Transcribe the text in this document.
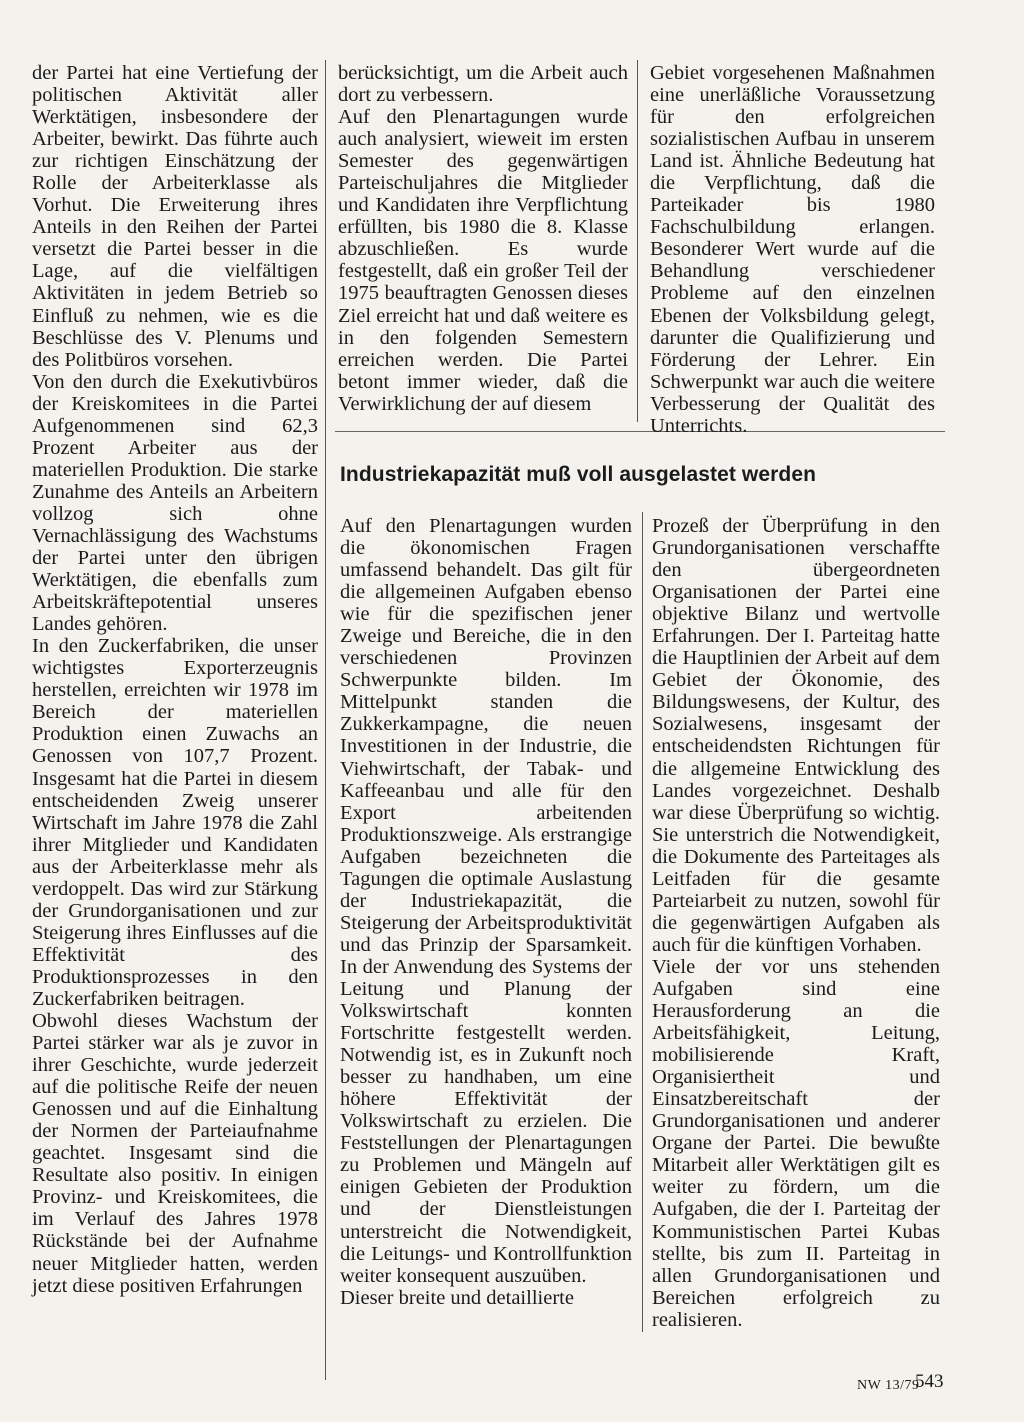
der Partei hat eine Vertiefung der politischen Aktivität aller Werktätigen, insbesondere der Arbeiter, bewirkt. Das führte auch zur richtigen Einschätzung der Rolle der Arbeiterklasse als Vorhut. Die Erweiterung ihres Anteils in den Reihen der Partei versetzt die Partei besser in die Lage, auf die vielfältigen Aktivitäten in jedem Betrieb so Einfluß zu nehmen, wie es die Beschlüsse des V. Plenums und des Politbüros vorsehen.

Von den durch die Exekutivbüros der Kreiskomitees in die Partei Aufgenommenen sind 62,3 Prozent Arbeiter aus der materiellen Produktion. Die starke Zunahme des Anteils an Arbeitern vollzog sich ohne Vernachlässigung des Wachstums der Partei unter den übrigen Werktätigen, die ebenfalls zum Arbeitskräftepotential unseres Landes gehören.

In den Zuckerfabriken, die unser wichtigstes Exporterzeugnis herstellen, erreichten wir 1978 im Bereich der materiellen Produktion einen Zuwachs an Genossen von 107,7 Prozent. Insgesamt hat die Partei in diesem entscheidenden Zweig unserer Wirtschaft im Jahre 1978 die Zahl ihrer Mitglieder und Kandidaten aus der Arbeiterklasse mehr als verdoppelt. Das wird zur Stärkung der Grundorganisationen und zur Steigerung ihres Einflusses auf die Effektivität des Produktionsprozesses in den Zuckerfabriken beitragen.

Obwohl dieses Wachstum der Partei stärker war als je zuvor in ihrer Geschichte, wurde jederzeit auf die politische Reife der neuen Genossen und auf die Einhaltung der Normen der Parteiaufnahme geachtet. Insgesamt sind die Resultate also positiv. In einigen Provinz- und Kreiskomitees, die im Verlauf des Jahres 1978 Rückstände bei der Aufnahme neuer Mitglieder hatten, werden jetzt diese positiven Erfahrungen

berücksichtigt, um die Arbeit auch dort zu verbessern.

Auf den Plenartagungen wurde auch analysiert, wieweit im ersten Semester des gegenwärtigen Parteischuljahres die Mitglieder und Kandidaten ihre Verpflichtung erfüllten, bis 1980 die 8. Klasse abzuschließen. Es wurde festgestellt, daß ein großer Teil der 1975 beauftragten Genossen dieses Ziel erreicht hat und daß weitere es in den folgenden Semestern erreichen werden. Die Partei betont immer wieder, daß die Verwirklichung der auf diesem

Gebiet vorgesehenen Maßnahmen eine unerläßliche Voraussetzung für den erfolgreichen sozialistischen Aufbau in unserem Land ist. Ähnliche Bedeutung hat die Verpflichtung, daß die Parteikader bis 1980 Fachschulbildung erlangen. Besonderer Wert wurde auf die Behandlung verschiedener Probleme auf den einzelnen Ebenen der Volksbildung gelegt, darunter die Qualifizierung und Förderung der Lehrer. Ein Schwerpunkt war auch die weitere Verbesserung der Qualität des Unterrichts.

Industriekapazität muß voll ausgelastet werden

Auf den Plenartagungen wurden die ökonomischen Fragen umfassend behandelt. Das gilt für die allgemeinen Aufgaben ebenso wie für die spezifischen jener Zweige und Bereiche, die in den verschiedenen Provinzen Schwerpunkte bilden. Im Mittelpunkt standen die Zukkerkampagne, die neuen Investitionen in der Industrie, die Viehwirtschaft, der Tabak- und Kaffeeanbau und alle für den Export arbeitenden Produktionszweige. Als erstrangige Aufgaben bezeichneten die Tagungen die optimale Auslastung der Industriekapazität, die Steigerung der Arbeitsproduktivität und das Prinzip der Sparsamkeit. In der Anwendung des Systems der Leitung und Planung der Volkswirtschaft konnten Fortschritte festgestellt werden. Notwendig ist, es in Zukunft noch besser zu handhaben, um eine höhere Effektivität der Volkswirtschaft zu erzielen. Die Feststellungen der Plenartagungen zu Problemen und Mängeln auf einigen Gebieten der Produktion und der Dienstleistungen unterstreicht die Notwendigkeit, die Leitungs- und Kontrollfunktion weiter konsequent auszuüben.

Dieser breite und detaillierte

Prozeß der Überprüfung in den Grundorganisationen verschaffte den übergeordneten Organisationen der Partei eine objektive Bilanz und wertvolle Erfahrungen. Der I. Parteitag hatte die Hauptlinien der Arbeit auf dem Gebiet der Ökonomie, des Bildungswesens, der Kultur, des Sozialwesens, insgesamt der entscheidendsten Richtungen für die allgemeine Entwicklung des Landes vorgezeichnet. Deshalb war diese Überprüfung so wichtig. Sie unterstrich die Notwendigkeit, die Dokumente des Parteitages als Leitfaden für die gesamte Parteiarbeit zu nutzen, sowohl für die gegenwärtigen Aufgaben als auch für die künftigen Vorhaben.

Viele der vor uns stehenden Aufgaben sind eine Herausforderung an die Arbeitsfähigkeit, Leitung, mobilisierende Kraft, Organisiertheit und Einsatzbereitschaft der Grundorganisationen und anderer Organe der Partei. Die bewußte Mitarbeit aller Werktätigen gilt es weiter zu fördern, um die Aufgaben, die der I. Parteitag der Kommunistischen Partei Kubas stellte, bis zum II. Parteitag in allen Grundorganisationen und Bereichen erfolgreich zu realisieren.

NW 13/79
543
